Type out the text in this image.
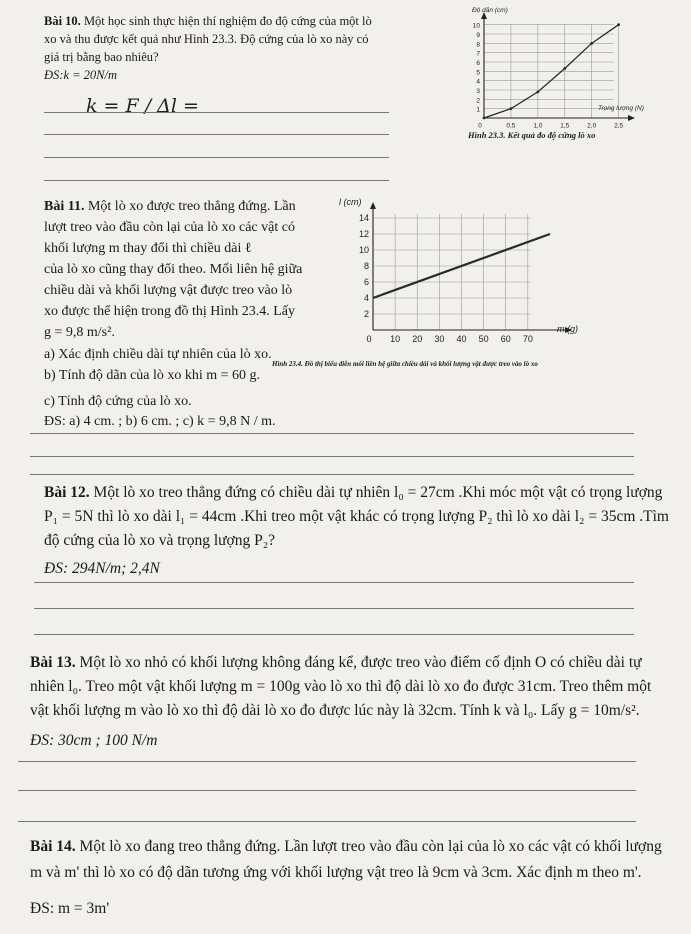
Bài 10. Một học sinh thực hiện thí nghiệm đo độ cứng của một lò
xo và thu được kết quả như Hình 23.3. Độ cứng của lò xo này có
giá trị bằng bao nhiêu?
ĐS:k = 20N/m
k = F / Δl =	1
2
3
4
5
6
7
8
9
10
0	0,5	1,0	1,5	2,0	2,5
Độ dãn (cm)
Trọng lượng (N)
Hình 23.3. Kết quả đo độ cứng lò xo
Bài 11. Một lò xo được treo thẳng đứng. Lần
lượt treo vào đầu còn lại của lò xo các vật có
khối lượng m thay đổi thì chiều dài ℓ
của lò xo cũng thay đổi theo. Mối liên hệ giữa
chiều dài và khối lượng vật được treo vào lò
xo được thể hiện trong đồ thị Hình 23.4. Lấy
g = 9,8 m/s².
a) Xác định chiều dài tự nhiên của lò xo.
b) Tính độ dãn của lò xo khi m = 60 g.
c) Tính độ cứng của lò xo.
ĐS: a) 4 cm. ; b) 6 cm. ; c) k = 9,8 N / m.
2
4
6
8
10
12
14
0 10 20 30 40 50 60 70
l (cm)
m (g)
Hình 23.4. Đồ thị biểu diễn mối liên hệ giữa chiều dài và khối lượng vật được treo vào lò xo
Bài 12. Một lò xo treo thẳng đứng có chiều dài tự nhiên l₀ = 27cm .Khi móc một vật có trọng lượng
P₁ = 5N thì lò xo dài l₁ = 44cm .Khi treo một vật khác có trọng lượng P₂ thì lò xo dài l₂ = 35cm .Tìm
độ cứng của lò xo và trọng lượng P₂?
ĐS: 294N/m; 2,4N
Bài 13. Một lò xo nhỏ có khối lượng không đáng kể, được treo vào điểm cố định O có chiều dài tự
nhiên l₀. Treo một vật khối lượng m = 100g vào lò xo thì độ dài lò xo đo được 31cm. Treo thêm một
vật khối lượng m vào lò xo thì độ dài lò xo đo được lúc này là 32cm. Tính k và l₀. Lấy g = 10m/s².
ĐS: 30cm ; 100 N/m
Bài 14. Một lò xo đang treo thẳng đứng. Lần lượt treo vào đầu còn lại của lò xo các vật có khối lượng
m và m' thì lò xo có độ dãn tương ứng với khối lượng vật treo là 9cm và 3cm. Xác định m theo m'.
ĐS: m = 3m'
